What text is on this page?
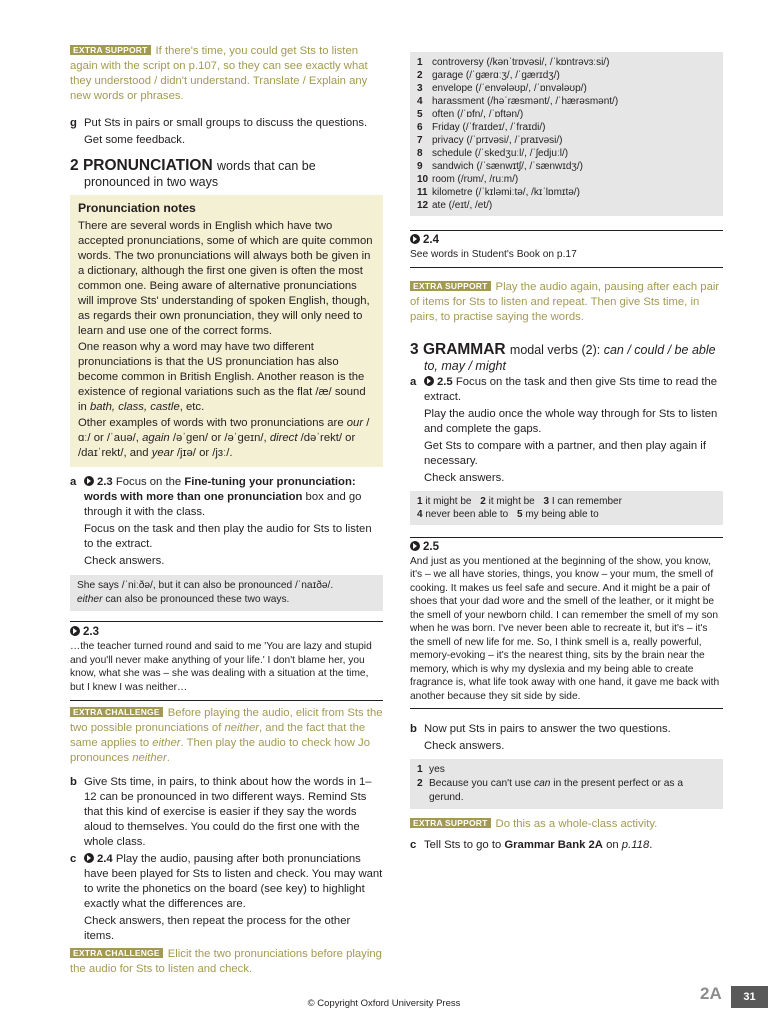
EXTRA SUPPORT If there's time, you could get Sts to listen again with the script on p.107, so they can see exactly what they understood / didn't understand. Translate / Explain any new words or phrases.

g Put Sts in pairs or small groups to discuss the questions.

Get some feedback.

2 PRONUNCIATION words that can be
pronounced in two ways
Pronunciation notes

There are several words in English which have two accepted pronunciations, some of which are quite common words. The two pronunciations will always both be given in a dictionary, although the first one given is often the most common one. Being aware of alternative pronunciations will improve Sts' understanding of spoken English, though, as regards their own pronunciation, they will only need to learn and use one of the correct forms.

One reason why a word may have two different pronunciations is that the US pronunciation has also become common in British English. Another reason is the existence of regional variations such as the flat /æ/ sound in bath, class, castle, etc.

Other examples of words with two pronunciations are our /ɑː/ or /ˈauə/, again /əˈɡen/ or /əˈɡeɪn/, direct /dəˈrekt/ or /daɪˈrekt/, and year /jɪə/ or /jɜː/.

a	2.3 Focus on the Fine-tuning your pronunciation: words with more than one pronunciation box and go through it with the class.

Focus on the task and then play the audio for Sts to listen to the extract.

Check answers.

She says /ˈniːðə/, but it can also be pronounced /ˈnaɪðə/.

either can also be pronounced these two ways.

2.3

…the teacher turned round and said to me 'You are lazy and stupid and you'll never make anything of your life.' I don't blame her, you know, what she was – she was dealing with a situation at the time, but I knew I was neither…

EXTRA CHALLENGE Before playing the audio, elicit from Sts the two possible pronunciations of neither, and the fact that the same applies to either. Then play the audio to check how Jo pronounces neither.

b Give Sts time, in pairs, to think about how the words in 1–12 can be pronounced in two different ways. Remind Sts that this kind of exercise is easier if they say the words aloud to themselves. You could do the first one with the whole class.

c	2.4 Play the audio, pausing after both pronunciations have been played for Sts to listen and check. You may want to write the phonetics on the board (see key) to highlight exactly what the differences are.

Check answers, then repeat the process for the other items.

EXTRA CHALLENGE Elicit the two pronunciations before playing the audio for Sts to listen and check.

1 controversy (/kənˈtrɒvəsi/, /ˈkɒntrəvɜːsi/)
2 garage (/ˈɡærɑːʒ/, /ˈɡærɪdʒ/)
3 envelope (/ˈenvələʊp/, /ˈɒnvələʊp/)
4 harassment (/həˈræsmənt/, /ˈhærəsmənt/)
5 often (/ˈɒfn/, /ˈɒftən/)
6 Friday (/ˈfraɪdeɪ/, /ˈfraɪdi/)
7 privacy (/ˈprɪvəsi/, /ˈpraɪvəsi/)
8 schedule (/ˈskedʒuːl/, /ˈʃedjuːl/)
9 sandwich (/ˈsænwɪtʃ/, /ˈsænwɪdʒ/)
10 room (/rʊm/, /ruːm/)
11 kilometre (/ˈkɪləmiːtə/, /kɪˈlɒmɪtə/)
12 ate (/eɪt/, /et/)
2.4

See words in Student's Book on p.17

EXTRA SUPPORT Play the audio again, pausing after each pair of items for Sts to listen and repeat. Then give Sts time, in pairs, to practise saying the words.

3 GRAMMAR modal verbs (2): can / could / be able
to, may / might
a	2.5 Focus on the task and then give Sts time to read the extract.

Play the audio once the whole way through for Sts to listen and complete the gaps.

Get Sts to compare with a partner, and then play again if necessary.

Check answers.

1 it might be 2 it might be 3 I can remember
4 never been able to 5 my being able to
2.5

And just as you mentioned at the beginning of the show, you know, it's – we all have stories, things, you know – your mum, the smell of cooking. It makes us feel safe and secure. And it might be a pair of shoes that your dad wore and the smell of the leather, or it might be the smell of your newborn child. I can remember the smell of my son when he was born. I've never been able to recreate it, but it's – it's the smell of new life for me. So, I think smell is a, really powerful, memory-evoking – it's the nearest thing, sits by the brain near the memory, which is why my dyslexia and my being able to create fragrance is, what life took away with one hand, it gave me back with another because they sit side by side.

b Now put Sts in pairs to answer the two questions.

Check answers.

1 yes
2 Because you can't use can in the present perfect or as a gerund.

EXTRA SUPPORT Do this as a whole-class activity.

c Tell Sts to go to Grammar Bank 2A on p.118.

© Copyright Oxford University Press
2A	31
